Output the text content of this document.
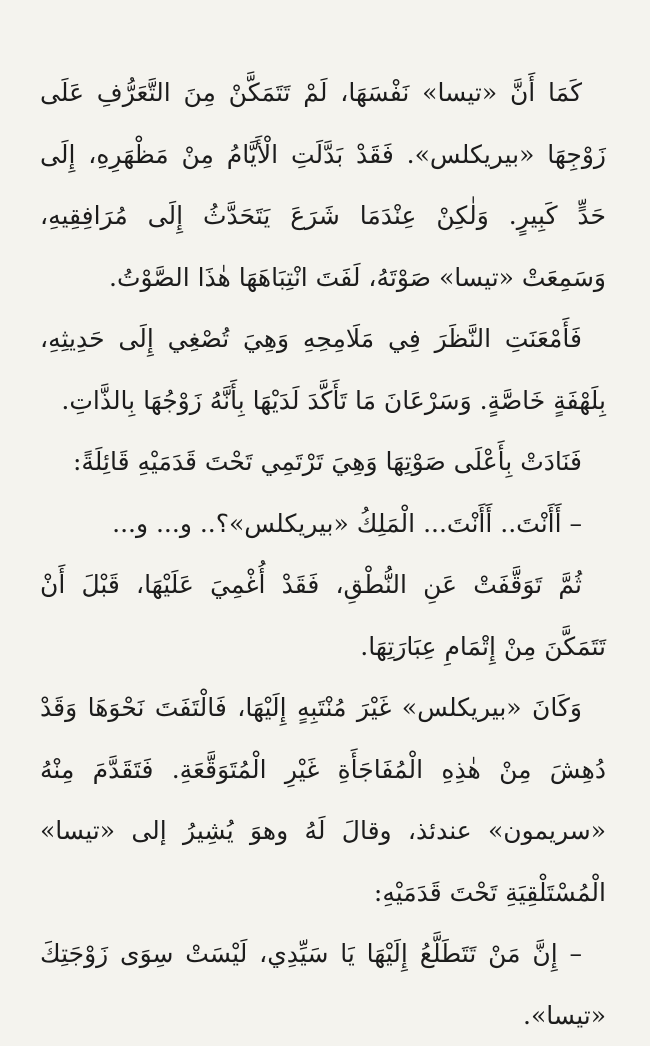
كَمَا أَنَّ «تيسا» نَفْسَهَا، لَمْ تَتَمَكَّنْ مِنَ التَّعَرُّفِ عَلَى زَوْجِهَا «بيريكلس». فَقَدْ بَدَّلَتِ الْأَيَّامُ مِنْ مَظْهَرِهِ، إِلَى حَدٍّ كَبِيرٍ. وَلٰكِنْ عِنْدَمَا شَرَعَ يَتَحَدَّثُ إِلَى مُرَافِقِيهِ، وَسَمِعَتْ «تيسا» صَوْتَهُ، لَفَتَ انْتِبَاهَهَا هٰذَا الصَّوْتُ.

فَأَمْعَنَتِ النَّظَرَ فِي مَلَامِحِهِ وَهِيَ تُصْغِي إِلَى حَدِيثِهِ، بِلَهْفَةٍ خَاصَّةٍ. وَسَرْعَانَ مَا تَأَكَّدَ لَدَيْهَا بِأَنَّهُ زَوْجُهَا بِالذَّاتِ.

فَنَادَتْ بِأَعْلَى صَوْتِهَا وَهِيَ تَرْتَمِي تَحْتَ قَدَمَيْهِ قَائِلَةً:

– أَأَنْتَ.. أَأَنْتَ... الْمَلِكُ «بيريكلس»؟.. و... و...

ثُمَّ تَوَقَّفَتْ عَنِ النُّطْقِ، فَقَدْ أُغْمِيَ عَلَيْهَا، قَبْلَ أَنْ تَتَمَكَّنَ مِنْ إِتْمَامِ عِبَارَتِهَا.

وَكَانَ «بيريكلس» غَيْرَ مُنْتَبِهٍ إِلَيْهَا، فَالْتَفَتَ نَحْوَهَا وَقَدْ دُهِشَ مِنْ هٰذِهِ الْمُفَاجَأَةِ غَيْرِ الْمُتَوَقَّعَةِ. فَتَقَدَّمَ مِنْهُ «سريمون» عندئذ، وقالَ لَهُ وهوَ يُشِيرُ إلى «تيسا» الْمُسْتَلْقِيَةِ تَحْتَ قَدَمَيْهِ:

– إِنَّ مَنْ تَتَطَلَّعُ إِلَيْهَا يَا سَيِّدِي، لَيْسَتْ سِوَى زَوْجَتِكَ «تيسا».
